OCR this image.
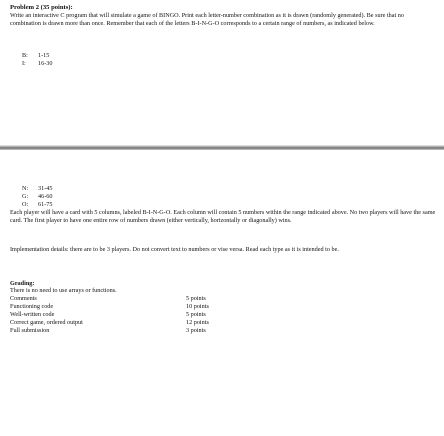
Problem 2 (35 points):
Write an interactive C program that will simulate a game of BINGO. Print each letter-number combination as it is drawn (randomly generated). Be sure that no combination is drawn more than once. Remember that each of the letters B-I-N-G-O corresponds to a certain range of numbers, as indicated below.
B: 1-15
I: 16-30
N: 31-45
G: 46-60
O: 61-75
Each player will have a card with 5 columns, labeled B-I-N-G-O. Each column will contain 5 numbers within the range indicated above. No two players will have the same card. The first player to have one entire row of numbers drawn (either vertically, horizontally or diagonally) wins.
Implementation details: there are to be 3 players. Do not convert text to numbers or vise versa. Read each type as it is intended to be.
Grading:
There is no need to use arrays or functions.
Comments	5 points
Functioning code	10 points
Well-written code	5 points
Correct game, ordered output	12 points
Full submission	3 points
